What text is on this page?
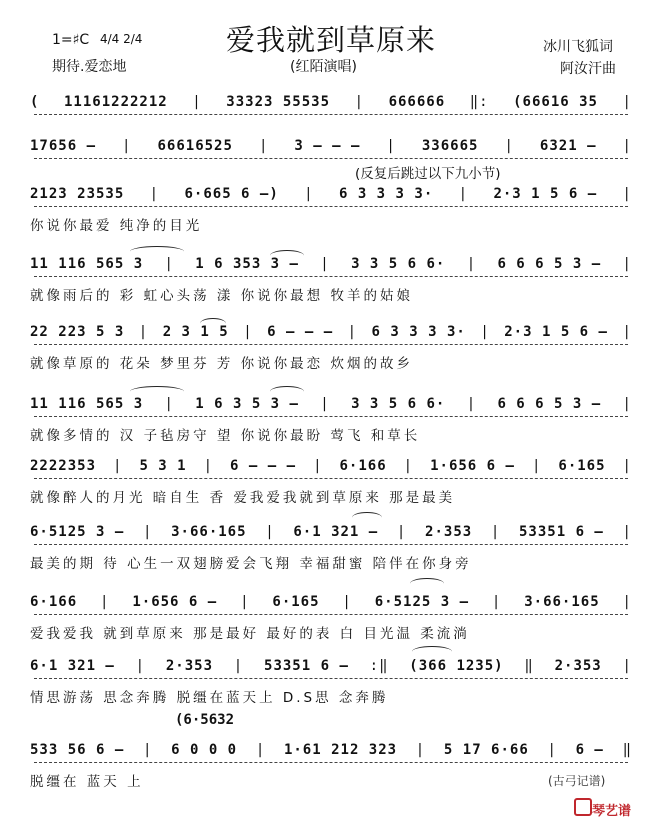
1=♯C 4/4 2/4
期待.爱恋地
爱我就到草原来
(红陌演唱)
冰川飞狐词
阿汝汗曲
( 11161222212 | 33323 55535 | 666666 ‖: (66616 35 |
17656 – | 66616525 | 3 – – – | 336665 | 6321 – |
2123 23535 | 6·665 6 –) | 6 3 3 3 3· | 2·3 1 5 6 – |
你说你最爱 纯净的目光
11 116 565 3 | 1 6 353 3 – | 3 3 5 6 6· | 6 6 6 5 3 – |
就像雨后的 彩 虹心头荡 漾 你说你最想 牧羊的姑娘
22 223 5 3 | 2 3 1 5 | 6 – – – | 6 3 3 3 3· | 2·3 1 5 6 – |
就像草原的 花朵 梦里芬 芳 你说你最恋 炊烟的故乡
11 116 565 3 | 1 6 3 5 3 – | 3 3 5 6 6· | 6 6 6 5 3 – |
就像多情的 汉 子毡房守 望 你说你最盼 莺飞 和草长
2222353 | 5 3 1 | 6 – – – | 6·166 | 1·656 6 – | 6·165 |
就像醉人的月光 暗自生 香 爱我爱我就到草原来 那是最美
6·5125 3 – | 3·66·165 | 6·1 321 – | 2·353 | 53351 6 – |
最美的期 待 心生一双翅膀爱会飞翔 幸福甜蜜 陪伴在你身旁
6·166 | 1·656 6 – | 6·165 | 6·5125 3 – | 3·66·165 |
爱我爱我 就到草原来 那是最好 最好的表 白 目光温 柔流淌
6·1 321 – | 2·353 | 53351 6 – :‖ (366 1235) ‖ 2·353 |
情思游荡 思念奔腾 脱缰在蓝天上 D.S思 念奔腾
533 56 6 – | 6 0 0 0 | 1·61 212 323 | 5 17 6·66 | 6 – ‖
脱缰在 蓝天 上
(反复后跳过以下九小节)
(6·5632
(古弓记谱)
琴艺谱
